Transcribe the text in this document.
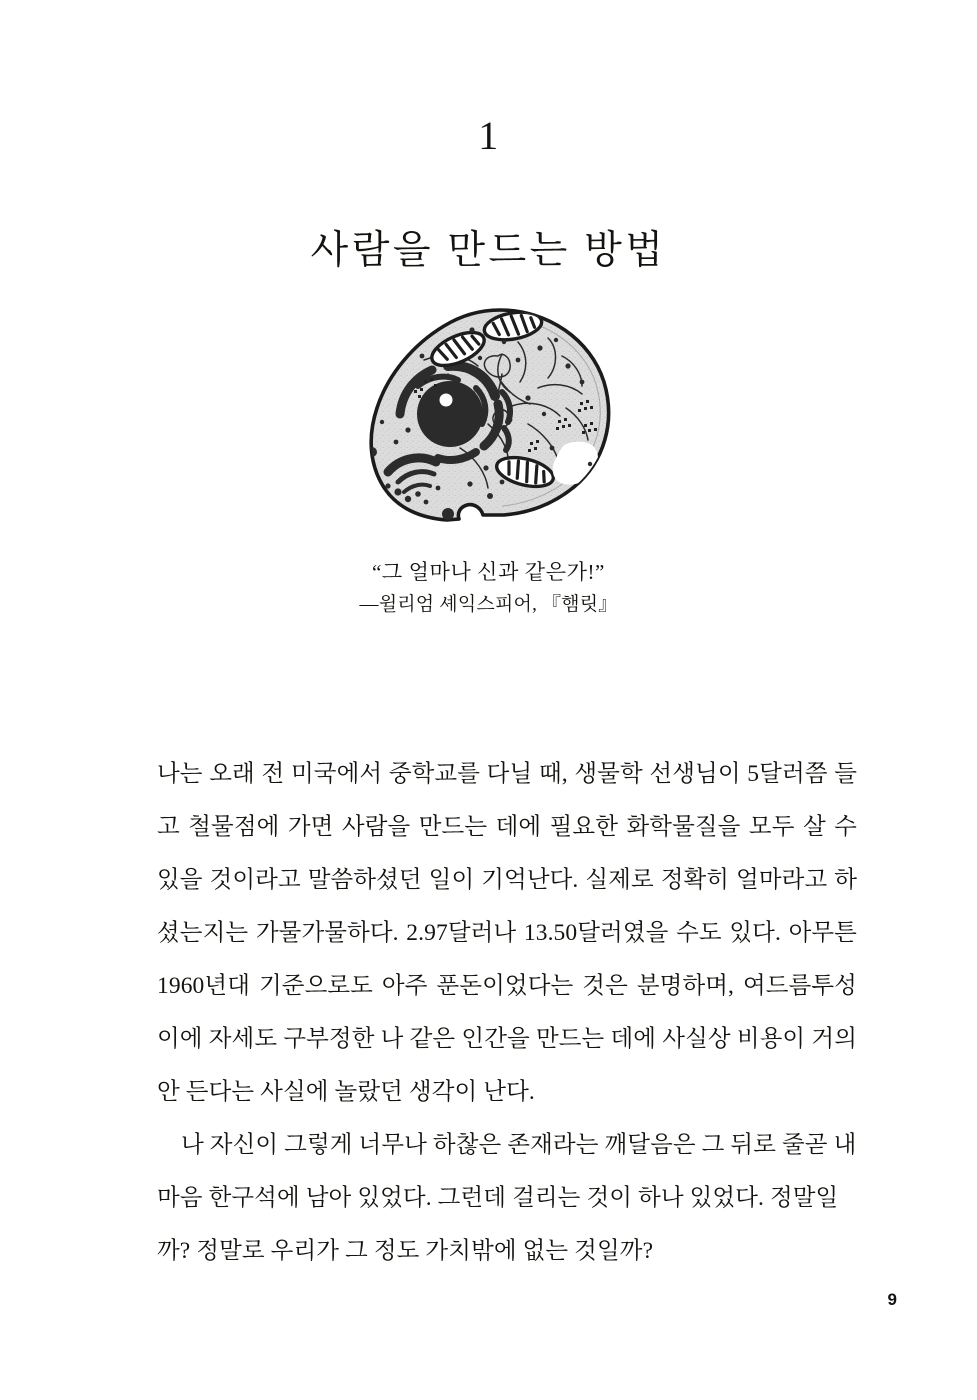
1
사람을 만드는 방법
“그 얼마나 신과 같은가!”
—윌리엄 셰익스피어, 『햄릿』

나는 오래 전 미국에서 중학교를 다닐 때, 생물학 선생님이 5달러쯤 들고 철물점에 가면 사람을 만드는 데에 필요한 화학물질을 모두 살 수 있을 것이라고 말씀하셨던 일이 기억난다. 실제로 정확히 얼마라고 하셨는지는 가물가물하다. 2.97달러나 13.50달러였을 수도 있다. 아무튼 1960년대 기준으로도 아주 푼돈이었다는 것은 분명하며, 여드름투성이에 자세도 구부정한 나 같은 인간을 만드는 데에 사실상 비용이 거의 안 든다는 사실에 놀랐던 생각이 난다.

나 자신이 그렇게 너무나 하찮은 존재라는 깨달음은 그 뒤로 줄곧 내 마음 한구석에 남아 있었다. 그런데 걸리는 것이 하나 있었다. 정말일까? 정말로 우리가 그 정도 가치밖에 없는 것일까?

9
